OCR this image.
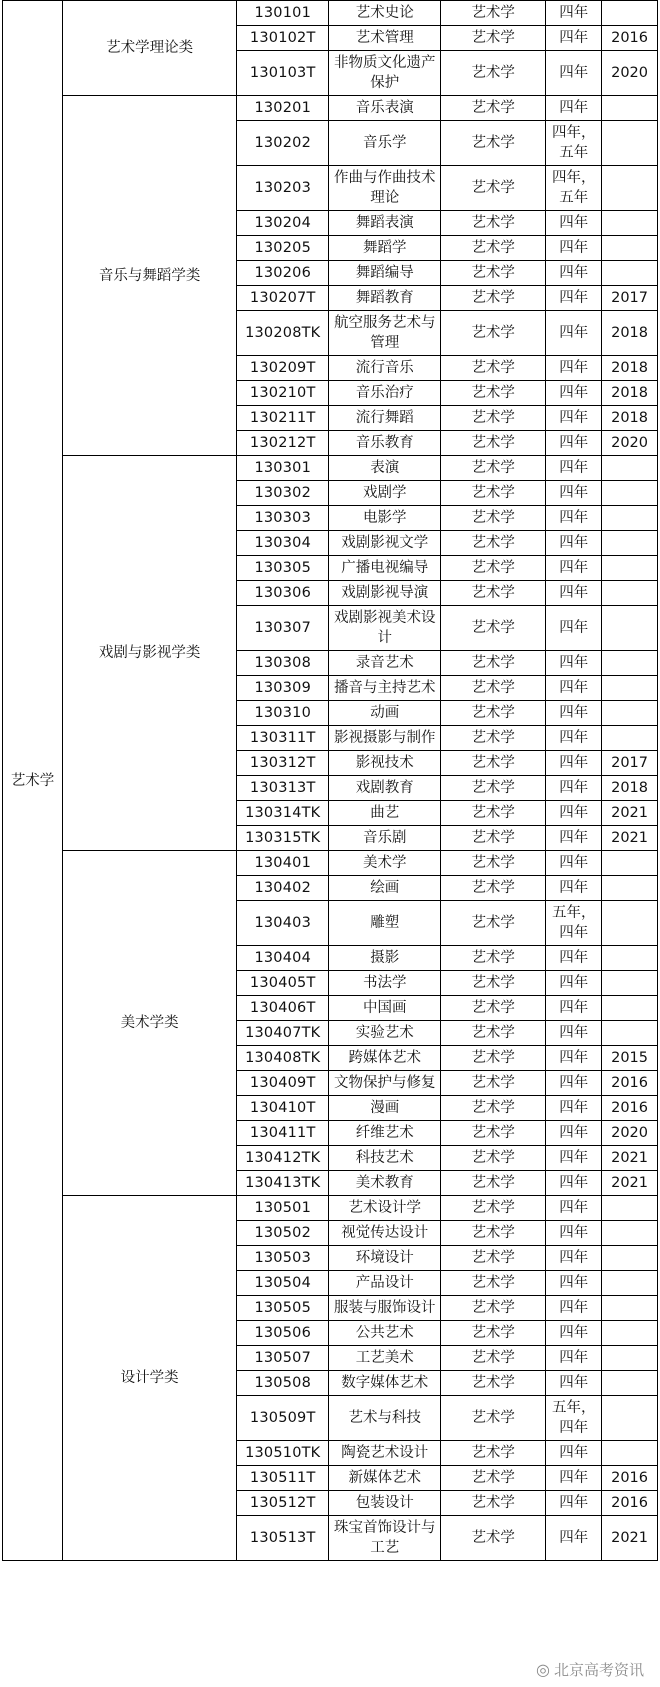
艺术学	艺术学理论类	130101	艺术史论	艺术学	四年	
		130102T	艺术管理	艺术学	四年	2016
		130103T	非物质文化遗产保护	艺术学	四年	2020
	音乐与舞蹈学类	130201	音乐表演	艺术学	四年	
		130202	音乐学	艺术学	四年，五年	
		130203	作曲与作曲技术理论	艺术学	四年，五年	
		130204	舞蹈表演	艺术学	四年	
		130205	舞蹈学	艺术学	四年	
		130206	舞蹈编导	艺术学	四年	
		130207T	舞蹈教育	艺术学	四年	2017
		130208TK	航空服务艺术与管理	艺术学	四年	2018
		130209T	流行音乐	艺术学	四年	2018
		130210T	音乐治疗	艺术学	四年	2018
		130211T	流行舞蹈	艺术学	四年	2018
		130212T	音乐教育	艺术学	四年	2020
	戏剧与影视学类	130301	表演	艺术学	四年	
		130302	戏剧学	艺术学	四年	
		130303	电影学	艺术学	四年	
		130304	戏剧影视文学	艺术学	四年	
		130305	广播电视编导	艺术学	四年	
		130306	戏剧影视导演	艺术学	四年	
		130307	戏剧影视美术设计	艺术学	四年	
		130308	录音艺术	艺术学	四年	
		130309	播音与主持艺术	艺术学	四年	
		130310	动画	艺术学	四年	
		130311T	影视摄影与制作	艺术学	四年	
		130312T	影视技术	艺术学	四年	2017
		130313T	戏剧教育	艺术学	四年	2018
		130314TK	曲艺	艺术学	四年	2021
		130315TK	音乐剧	艺术学	四年	2021
	美术学类	130401	美术学	艺术学	四年	
		130402	绘画	艺术学	四年	
		130403	雕塑	艺术学	五年，四年	
		130404	摄影	艺术学	四年	
		130405T	书法学	艺术学	四年	
		130406T	中国画	艺术学	四年	
		130407TK	实验艺术	艺术学	四年	
		130408TK	跨媒体艺术	艺术学	四年	2015
		130409T	文物保护与修复	艺术学	四年	2016
		130410T	漫画	艺术学	四年	2016
		130411T	纤维艺术	艺术学	四年	2020
		130412TK	科技艺术	艺术学	四年	2021
		130413TK	美术教育	艺术学	四年	2021
	设计学类	130501	艺术设计学	艺术学	四年	
		130502	视觉传达设计	艺术学	四年	
		130503	环境设计	艺术学	四年	
		130504	产品设计	艺术学	四年	
		130505	服装与服饰设计	艺术学	四年	
		130506	公共艺术	艺术学	四年	
		130507	工艺美术	艺术学	四年	
		130508	数字媒体艺术	艺术学	四年	
		130509T	艺术与科技	艺术学	五年，四年	
		130510TK	陶瓷艺术设计	艺术学	四年	
		130511T	新媒体艺术	艺术学	四年	2016
		130512T	包装设计	艺术学	四年	2016
		130513T	珠宝首饰设计与工艺	艺术学	四年	2021
◎ 北京高考资讯
